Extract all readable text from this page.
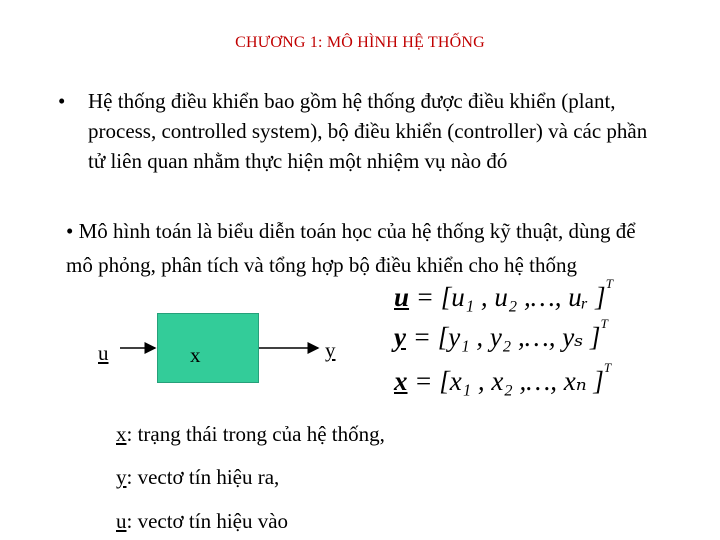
CHƯƠNG 1: MÔ HÌNH HỆ THỐNG
• Hệ thống điều khiển bao gồm hệ thống được điều khiển (plant, process, controlled system), bộ điều khiển (controller) và các phần tử liên quan nhằm thực hiện một nhiệm vụ nào đó
• Mô hình toán là biểu diễn toán học của hệ thống kỹ thuật, dùng để mô phỏng, phân tích và tổng hợp bộ điều khiển cho hệ thống
u	x	y
u = [u₁ , u₂ ,…, uᵣ ]$^T$
y = [y₁ , y₂ ,…, yₛ ]$^T$
x = [x₁ , x₂ ,…, xₙ ]$^T$
x: trạng thái trong của hệ thống,
y: vectơ tín hiệu ra,
u: vectơ tín hiệu vào
